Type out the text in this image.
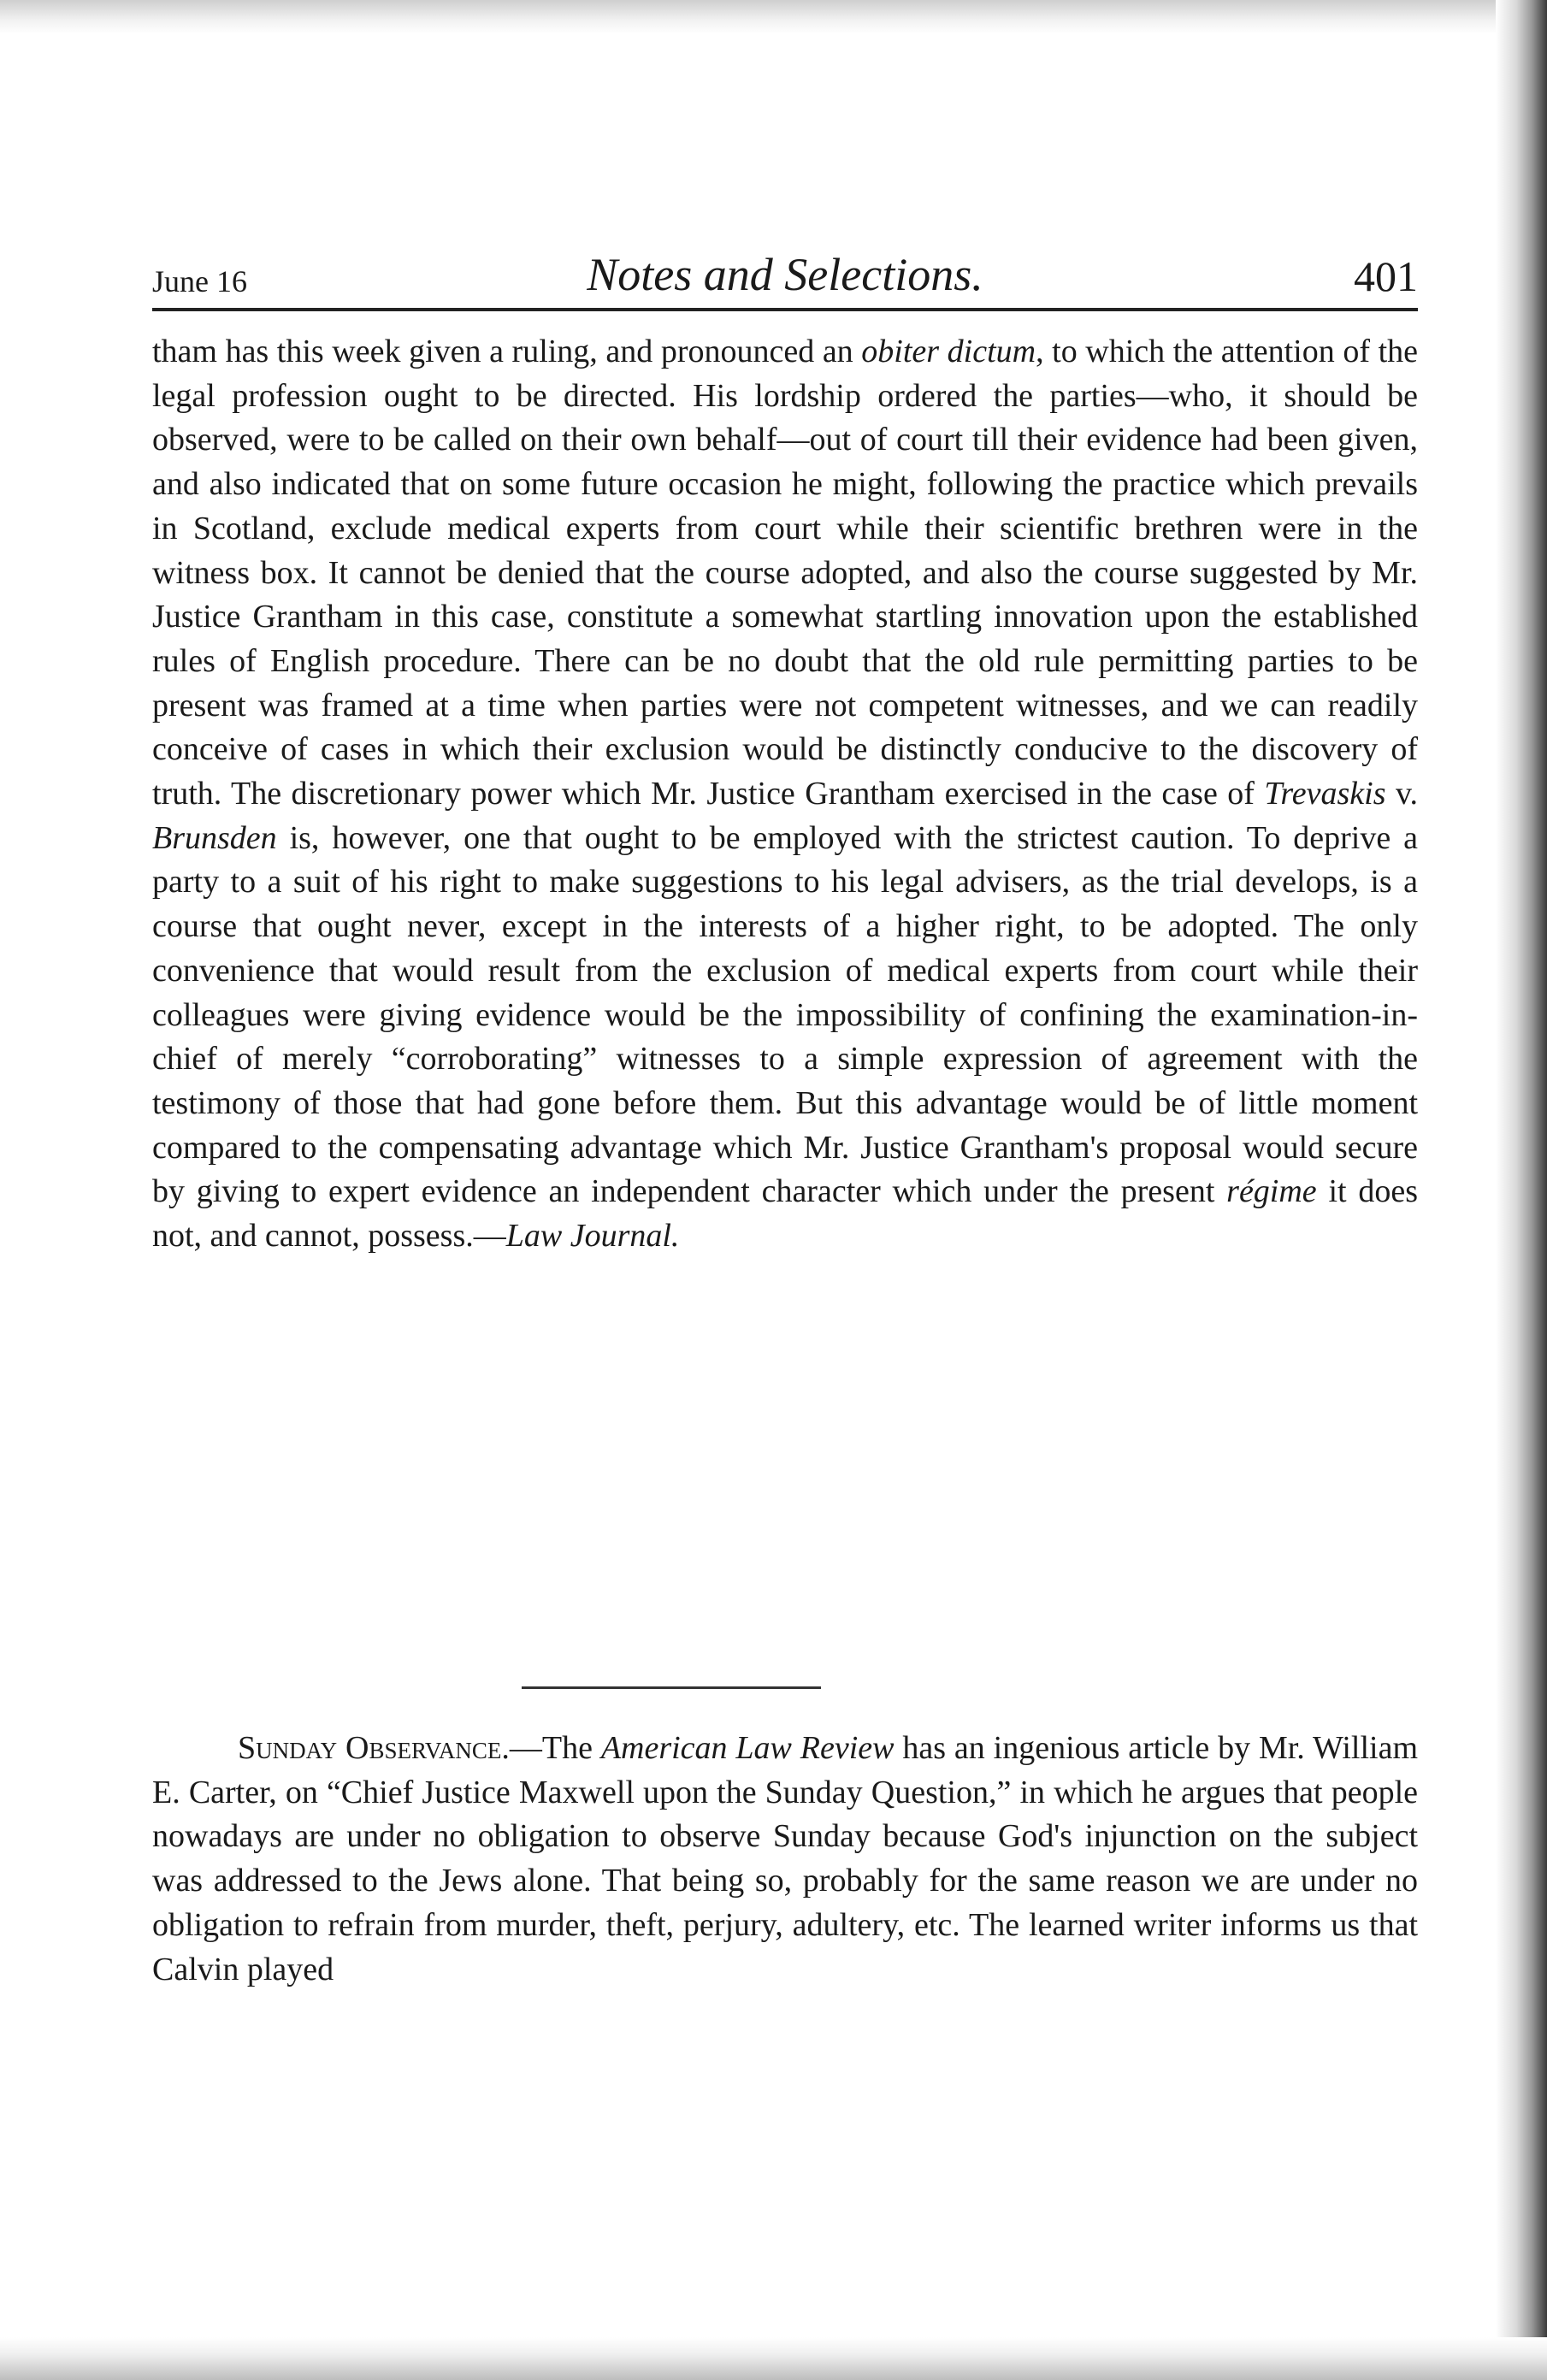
June 16	Notes and Selections.	401

tham has this week given a ruling, and pronounced an obiter dictum, to which the attention of the legal profession ought to be directed. His lordship ordered the parties—who, it should be observed, were to be called on their own behalf—out of court till their evidence had been given, and also indicated that on some future occasion he might, following the practice which prevails in Scotland, exclude medical experts from court while their scientific brethren were in the witness box. It cannot be denied that the course adopted, and also the course suggested by Mr. Justice Grantham in this case, constitute a somewhat startling innovation upon the established rules of English procedure. There can be no doubt that the old rule permitting parties to be present was framed at a time when parties were not competent witnesses, and we can readily conceive of cases in which their exclusion would be distinctly conducive to the discovery of truth. The discretionary power which Mr. Justice Grantham exercised in the case of Trevaskis v. Brunsden is, however, one that ought to be employed with the strictest caution. To deprive a party to a suit of his right to make suggestions to his legal advisers, as the trial develops, is a course that ought never, except in the interests of a higher right, to be adopted. The only convenience that would result from the exclusion of medical experts from court while their colleagues were giving evidence would be the impossibility of confining the examination-in-chief of merely “corroborating” witnesses to a simple expression of agreement with the testimony of those that had gone before them. But this advantage would be of little moment compared to the compensating advantage which Mr. Justice Grantham's proposal would secure by giving to expert evidence an independent character which under the present régime it does not, and cannot, possess.—Law Journal.

Sunday Observance.—The American Law Review has an ingenious article by Mr. William E. Carter, on “Chief Justice Maxwell upon the Sunday Question,” in which he argues that people nowadays are under no obligation to observe Sunday because God's injunction on the subject was addressed to the Jews alone. That being so, probably for the same reason we are under no obligation to refrain from murder, theft, perjury, adultery, etc. The learned writer informs us that Calvin played
